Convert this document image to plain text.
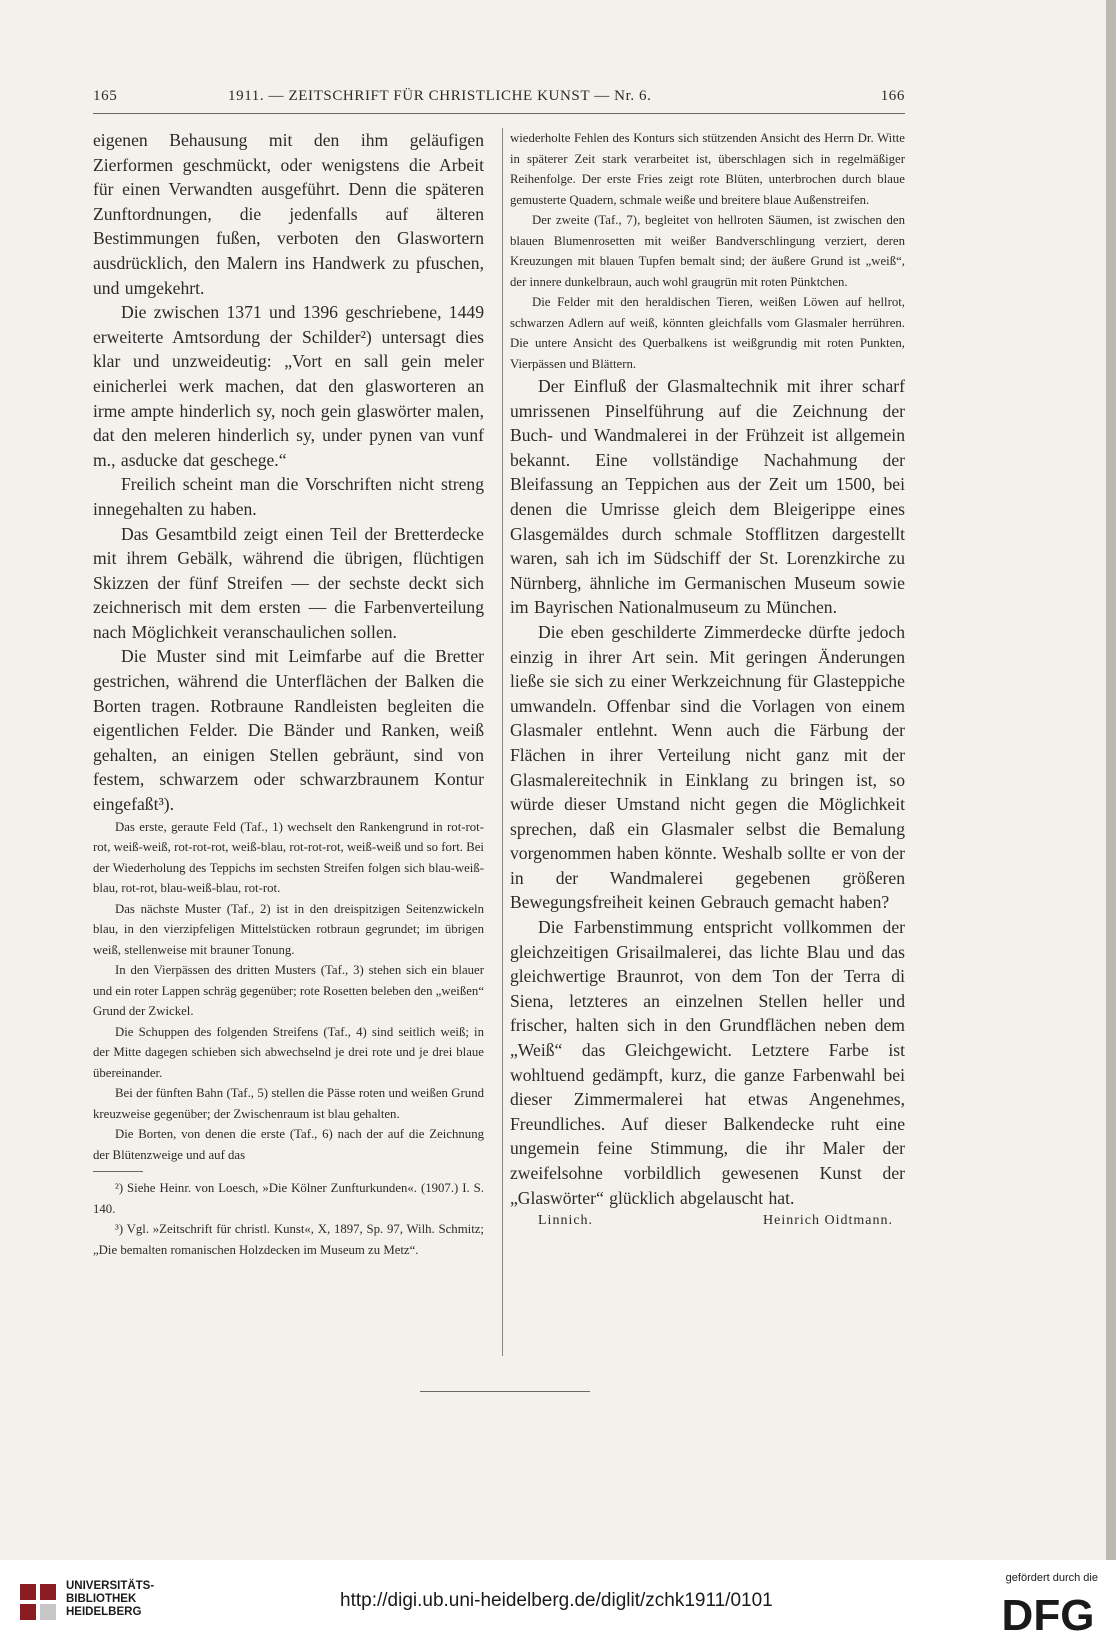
165	1911. — ZEITSCHRIFT FÜR CHRISTLICHE KUNST — Nr. 6.	166

eigenen Behausung mit den ihm geläufigen Zierformen geschmückt, oder wenigstens die Arbeit für einen Verwandten ausgeführt. Denn die späteren Zunftordnungen, die jedenfalls auf älteren Bestimmungen fußen, verboten den Glaswortern ausdrücklich, den Malern ins Handwerk zu pfuschen, und umgekehrt.

Die zwischen 1371 und 1396 geschriebene, 1449 erweiterte Amtsordung der Schilder²) untersagt dies klar und unzweideutig: „Vort en sall gein meler einicherlei werk machen, dat den glasworteren an irme ampte hinderlich sy, noch gein glaswörter malen, dat den meleren hinderlich sy, under pynen van vunf m., asducke dat geschege.“

Freilich scheint man die Vorschriften nicht streng innegehalten zu haben.

Das Gesamtbild zeigt einen Teil der Bretterdecke mit ihrem Gebälk, während die übrigen, flüchtigen Skizzen der fünf Streifen — der sechste deckt sich zeichnerisch mit dem ersten — die Farbenverteilung nach Möglichkeit veranschaulichen sollen.

Die Muster sind mit Leimfarbe auf die Bretter gestrichen, während die Unterflächen der Balken die Borten tragen. Rotbraune Randleisten begleiten die eigentlichen Felder. Die Bänder und Ranken, weiß gehalten, an einigen Stellen gebräunt, sind von festem, schwarzem oder schwarzbraunem Kontur eingefaßt³).

Das erste, geraute Feld (Taf., 1) wechselt den Rankengrund in rot-rot-rot, weiß-weiß, rot-rot-rot, weiß-blau, rot-rot-rot, weiß-weiß und so fort. Bei der Wiederholung des Teppichs im sechsten Streifen folgen sich blau-weiß-blau, rot-rot, blau-weiß-blau, rot-rot.

Das nächste Muster (Taf., 2) ist in den dreispitzigen Seitenzwickeln blau, in den vierzipfeligen Mittelstücken rotbraun gegrundet; im übrigen weiß, stellenweise mit brauner Tonung.

In den Vierpässen des dritten Musters (Taf., 3) stehen sich ein blauer und ein roter Lappen schräg gegenüber; rote Rosetten beleben den „weißen“ Grund der Zwickel.

Die Schuppen des folgenden Streifens (Taf., 4) sind seitlich weiß; in der Mitte dagegen schieben sich abwechselnd je drei rote und je drei blaue übereinander.

Bei der fünften Bahn (Taf., 5) stellen die Pässe roten und weißen Grund kreuzweise gegenüber; der Zwischenraum ist blau gehalten.

Die Borten, von denen die erste (Taf., 6) nach der auf die Zeichnung der Blütenzweige und auf das

²) Siehe Heinr. von Loesch, »Die Kölner Zunfturkunden«. (1907.) I. S. 140.

³) Vgl. »Zeitschrift für christl. Kunst«, X, 1897, Sp. 97, Wilh. Schmitz; „Die bemalten romanischen Holzdecken im Museum zu Metz“.

wiederholte Fehlen des Konturs sich stützenden Ansicht des Herrn Dr. Witte in späterer Zeit stark verarbeitet ist, überschlagen sich in regelmäßiger Reihenfolge. Der erste Fries zeigt rote Blüten, unterbrochen durch blaue gemusterte Quadern, schmale weiße und breitere blaue Außenstreifen.

Der zweite (Taf., 7), begleitet von hellroten Säumen, ist zwischen den blauen Blumenrosetten mit weißer Bandverschlingung verziert, deren Kreuzungen mit blauen Tupfen bemalt sind; der äußere Grund ist „weiß“, der innere dunkelbraun, auch wohl graugrün mit roten Pünktchen.

Die Felder mit den heraldischen Tieren, weißen Löwen auf hellrot, schwarzen Adlern auf weiß, könnten gleichfalls vom Glasmaler herrühren. Die untere Ansicht des Querbalkens ist weißgrundig mit roten Punkten, Vierpässen und Blättern.

Der Einfluß der Glasmaltechnik mit ihrer scharf umrissenen Pinselführung auf die Zeichnung der Buch- und Wandmalerei in der Frühzeit ist allgemein bekannt. Eine vollständige Nachahmung der Bleifassung an Teppichen aus der Zeit um 1500, bei denen die Umrisse gleich dem Bleigerippe eines Glasgemäldes durch schmale Stofflitzen dargestellt waren, sah ich im Südschiff der St. Lorenzkirche zu Nürnberg, ähnliche im Germanischen Museum sowie im Bayrischen Nationalmuseum zu München.

Die eben geschilderte Zimmerdecke dürfte jedoch einzig in ihrer Art sein. Mit geringen Änderungen ließe sie sich zu einer Werkzeichnung für Glasteppiche umwandeln. Offenbar sind die Vorlagen von einem Glasmaler entlehnt. Wenn auch die Färbung der Flächen in ihrer Verteilung nicht ganz mit der Glasmalereitechnik in Einklang zu bringen ist, so würde dieser Umstand nicht gegen die Möglichkeit sprechen, daß ein Glasmaler selbst die Bemalung vorgenommen haben könnte. Weshalb sollte er von der in der Wandmalerei gegebenen größeren Bewegungsfreiheit keinen Gebrauch gemacht haben?

Die Farbenstimmung entspricht vollkommen der gleichzeitigen Grisailmalerei, das lichte Blau und das gleichwertige Braunrot, von dem Ton der Terra di Siena, letzteres an einzelnen Stellen heller und frischer, halten sich in den Grundflächen neben dem „Weiß“ das Gleichgewicht. Letztere Farbe ist wohltuend gedämpft, kurz, die ganze Farbenwahl bei dieser Zimmermalerei hat etwas Angenehmes, Freundliches. Auf dieser Balkendecke ruht eine ungemein feine Stimmung, die ihr Maler der zweifelsohne vorbildlich gewesenen Kunst der „Glaswörter“ glücklich abgelauscht hat.

Linnich.	Heinrich Oidtmann.
UNIVERSITÄTS-
BIBLIOTHEK
HEIDELBERG
http://digi.ub.uni-heidelberg.de/diglit/zchk1911/0101
gefördert durch die
DFG
